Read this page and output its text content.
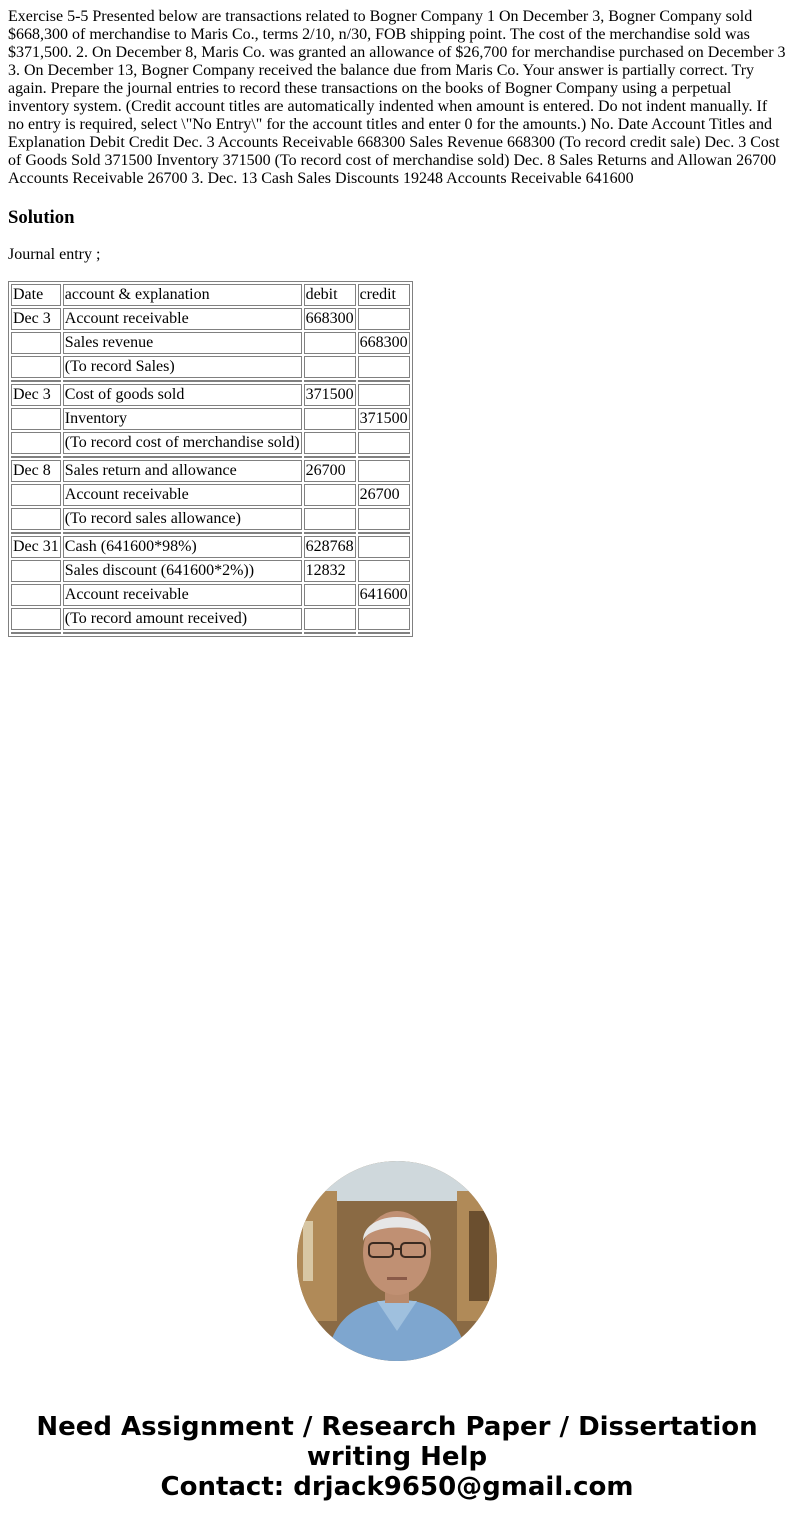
Exercise 5-5 Presented below are transactions related to Bogner Company 1 On December 3, Bogner Company sold $668,300 of merchandise to Maris Co., terms 2/10, n/30, FOB shipping point. The cost of the merchandise sold was $371,500. 2. On December 8, Maris Co. was granted an allowance of $26,700 for merchandise purchased on December 3 3. On December 13, Bogner Company received the balance due from Maris Co. Your answer is partially correct. Try again. Prepare the journal entries to record these transactions on the books of Bogner Company using a perpetual inventory system. (Credit account titles are automatically indented when amount is entered. Do not indent manually. If no entry is required, select \"No Entry\" for the account titles and enter 0 for the amounts.) No. Date Account Titles and Explanation Debit Credit Dec. 3 Accounts Receivable 668300 Sales Revenue 668300 (To record credit sale) Dec. 3 Cost of Goods Sold 371500 Inventory 371500 (To record cost of merchandise sold) Dec. 8 Sales Returns and Allowan 26700 Accounts Receivable 26700 3. Dec. 13 Cash Sales Discounts 19248 Accounts Receivable 641600
Solution
Journal entry ;
Date	account & explanation	debit	credit
Dec 3	Account receivable	668300	
	Sales revenue		668300
	(To record Sales)		

Dec 3	Cost of goods sold	371500	
	Inventory		371500
	(To record cost of merchandise sold)		

Dec 8	Sales return and allowance	26700	
	Account receivable		26700
	(To record sales allowance)		

Dec 31	Cash (641600*98%)	628768	
	Sales discount (641600*2%))	12832	
	Account receivable		641600
	(To record amount received)		

Need Assignment / Research Paper / Dissertation
writing Help
Contact: drjack9650@gmail.com
